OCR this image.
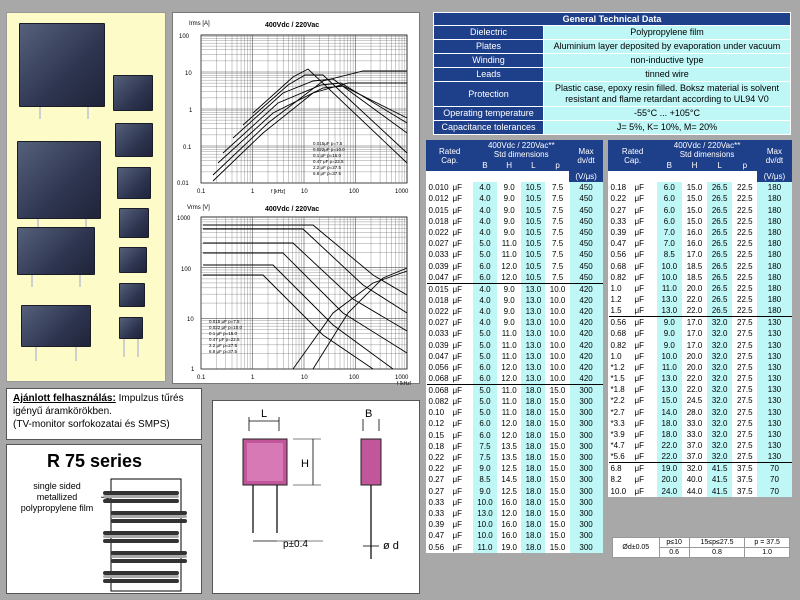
400Vdc / 220Vac
Irms [A]
100
10
1
0.1
0.01
0.1	1	10	100	1000
f [kHz]
0.015μF p=7.5
0.022μF p=10.0
0.1 μF p=15.0
0.47 μF p=22.5
2.2 μF p=27.5
6.8 μF p=37.5
400Vdc / 220Vac
Vrms [V]
1000
100
10
1
0.1	1	10	100	1000
f [kHz]
0.015 μF p=7.5
0.022 μF p=10.0
0.1 μF p=15.0
0.47 μF p=22.5
2.2 μF p=27.5
6.8 μF p=37.5
General Technical Data	
Dielectric	Polypropylene film
Plates	Aluminium layer deposited by evaporation under vacuum
Winding	non-inductive type
Leads	tinned wire
Protection	Plastic case, epoxy resin filled. Boksz material is solvent resistant and flame retardant according to UL94 V0
Operating temperature	-55°C ... +105°C
Capacitance tolerances	J= 5%, K= 10%, M= 20%
Rated
Cap.	400Vdc / 220Vac**
Std dimensions				Max
dv/dt
	B	H	L	p	
					(V/μs)
0.010 μF	4.0	9.0	10.5	7.5	450
0.012 μF	4.0	9.0	10.5	7.5	450
0.015 μF	4.0	9.0	10.5	7.5	450
0.018 μF	4.0	9.0	10.5	7.5	450
0.022 μF	4.0	9.0	10.5	7.5	450
0.027 μF	5.0	11.0	10.5	7.5	450
0.033 μF	5.0	11.0	10.5	7.5	450
0.039 μF	6.0	12.0	10.5	7.5	450
0.047 μF	6.0	12.0	10.5	7.5	450
0.015 μF	4.0	9.0	13.0	10.0	420
0.018 μF	4.0	9.0	13.0	10.0	420
0.022 μF	4.0	9.0	13.0	10.0	420
0.027 μF	4.0	9.0	13.0	10.0	420
0.033 μF	5.0	11.0	13.0	10.0	420
0.039 μF	5.0	11.0	13.0	10.0	420
0.047 μF	5.0	11.0	13.0	10.0	420
0.056 μF	6.0	12.0	13.0	10.0	420
0.068 μF	6.0	12.0	13.0	10.0	420
0.068 μF	5.0	11.0	18.0	15.0	300
0.082 μF	5.0	11.0	18.0	15.0	300
0.10 μF	5.0	11.0	18.0	15.0	300
0.12 μF	6.0	12.0	18.0	15.0	300
0.15 μF	6.0	12.0	18.0	15.0	300
0.18 μF	7.5	13.5	18.0	15.0	300
0.22 μF	7.5	13.5	18.0	15.0	300
0.22 μF	9.0	12.5	18.0	15.0	300
0.27 μF	8.5	14.5	18.0	15.0	300
0.27 μF	9.0	12.5	18.0	15.0	300
0.33 μF	10.0	16.0	18.0	15.0	300
0.33 μF	13.0	12.0	18.0	15.0	300
0.39 μF	10.0	16.0	18.0	15.0	300
0.47 μF	10.0	16.0	18.0	15.0	300
0.56 μF	11.0	19.0	18.0	15.0	300
Rated
Cap.	400Vdc / 220Vac**
Std dimensions				Max
dv/dt
	B	H	L	p	
					(V/μs)
0.18 μF	6.0	15.0	26.5	22.5	180
0.22 μF	6.0	15.0	26.5	22.5	180
0.27 μF	6.0	15.0	26.5	22.5	180
0.33 μF	6.0	15.0	26.5	22.5	180
0.39 μF	7.0	16.0	26.5	22.5	180
0.47 μF	7.0	16.0	26.5	22.5	180
0.56 μF	8.5	17.0	26.5	22.5	180
0.68 μF	10.0	18.5	26.5	22.5	180
0.82 μF	10.0	18.5	26.5	22.5	180
1.0 μF	11.0	20.0	26.5	22.5	180
1.2 μF	13.0	22.0	26.5	22.5	180
1.5 μF	13.0	22.0	26.5	22.5	180
0.56 μF	9.0	17.0	32.0	27.5	130
0.68 μF	9.0	17.0	32.0	27.5	130
0.82 μF	9.0	17.0	32.0	27.5	130
1.0 μF	10.0	20.0	32.0	27.5	130
*1.2 μF	11.0	20.0	32.0	27.5	130
*1.5 μF	13.0	22.0	32.0	27.5	130
*1.8 μF	13.0	22.0	32.0	27.5	130
*2.2 μF	15.0	24.5	32.0	27.5	130
*2.7 μF	14.0	28.0	32.0	27.5	130
*3.3 μF	18.0	33.0	32.0	27.5	130
*3.9 μF	18.0	33.0	32.0	27.5	130
*4.7 μF	22.0	37.0	32.0	27.5	130
*5.6 μF	22.0	37.0	32.0	27.5	130
6.8 μF	19.0	32.0	41.5	37.5	70
8.2 μF	20.0	40.0	41.5	37.5	70
10.0 μF	24.0	44.0	41.5	37.5	70
Ød±0.05	p≤10	15≤p≤27.5	p = 37.5
	0.6	0.8	1.0
Ajánlott felhasználás: Impulzus tűrés igényű áramkörökben.
(TV-monitor sorfokozatai és SMPS)
R 75 series
single sided metallized polypropylene film
L
H
B
p±0.4	ø d
